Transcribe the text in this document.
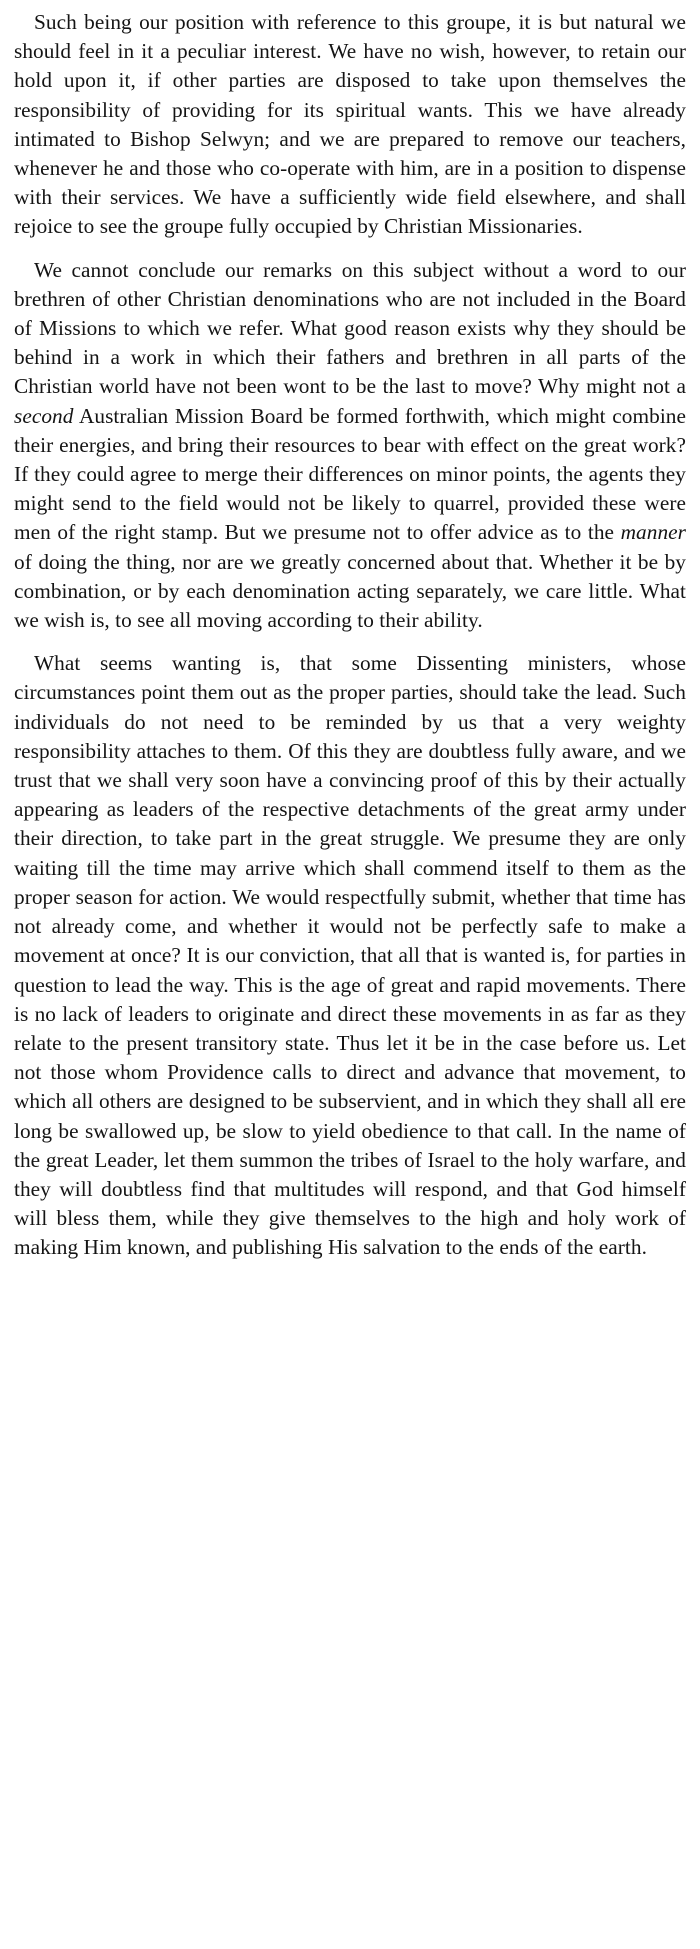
Such being our position with reference to this groupe, it is but natural we should feel in it a peculiar interest. We have no wish, however, to retain our hold upon it, if other parties are disposed to take upon themselves the responsibility of providing for its spiritual wants. This we have already intimated to Bishop Selwyn; and we are prepared to remove our teachers, whenever he and those who co-operate with him, are in a position to dispense with their services. We have a sufficiently wide field elsewhere, and shall rejoice to see the groupe fully occupied by Christian Missionaries.

We cannot conclude our remarks on this subject without a word to our brethren of other Christian denominations who are not included in the Board of Missions to which we refer. What good reason exists why they should be behind in a work in which their fathers and brethren in all parts of the Christian world have not been wont to be the last to move? Why might not a second Australian Mission Board be formed forthwith, which might combine their energies, and bring their resources to bear with effect on the great work? If they could agree to merge their differences on minor points, the agents they might send to the field would not be likely to quarrel, provided these were men of the right stamp. But we presume not to offer advice as to the manner of doing the thing, nor are we greatly concerned about that. Whether it be by combination, or by each denomination acting separately, we care little. What we wish is, to see all moving according to their ability.

What seems wanting is, that some Dissenting ministers, whose circumstances point them out as the proper parties, should take the lead. Such individuals do not need to be reminded by us that a very weighty responsibility attaches to them. Of this they are doubtless fully aware, and we trust that we shall very soon have a convincing proof of this by their actually appearing as leaders of the respective detachments of the great army under their direction, to take part in the great struggle. We presume they are only waiting till the time may arrive which shall commend itself to them as the proper season for action. We would respectfully submit, whether that time has not already come, and whether it would not be perfectly safe to make a movement at once? It is our conviction, that all that is wanted is, for parties in question to lead the way. This is the age of great and rapid movements. There is no lack of leaders to originate and direct these movements in as far as they relate to the present transitory state. Thus let it be in the case before us. Let not those whom Providence calls to direct and advance that movement, to which all others are designed to be subservient, and in which they shall all ere long be swallowed up, be slow to yield obedience to that call. In the name of the great Leader, let them summon the tribes of Israel to the holy warfare, and they will doubtless find that multitudes will respond, and that God himself will bless them, while they give themselves to the high and holy work of making Him known, and publishing His salvation to the ends of the earth.
